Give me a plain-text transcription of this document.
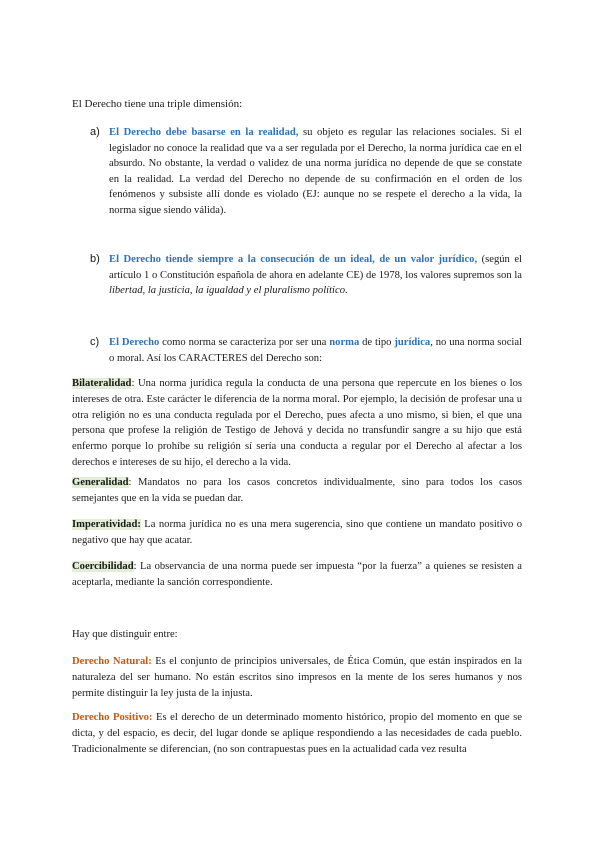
El Derecho tiene una triple dimensión:
a) El Derecho debe basarse en la realidad, su objeto es regular las relaciones sociales. Si el legislador no conoce la realidad que va a ser regulada por el Derecho, la norma jurídica cae en el absurdo. No obstante, la verdad o validez de una norma jurídica no depende de que se constate en la realidad. La verdad del Derecho no depende de su confirmación en el orden de los fenómenos y subsiste allí donde es violado (EJ: aunque no se respete el derecho a la vida, la norma sigue siendo válida).
b) El Derecho tiende siempre a la consecución de un ideal, de un valor jurídico, (según el artículo 1 o Constitución española de ahora en adelante CE) de 1978, los valores supremos son la libertad, la justicia, la igualdad y el pluralismo político.
c) El Derecho como norma se caracteriza por ser una norma de tipo jurídica, no una norma social o moral. Así los CARACTERES del Derecho son:
Bilateralidad: Una norma jurídica regula la conducta de una persona que repercute en los bienes o los intereses de otra. Este carácter le diferencia de la norma moral. Por ejemplo, la decisión de profesar una u otra religión no es una conducta regulada por el Derecho, pues afecta a uno mismo, si bien, el que una persona que profese la religión de Testigo de Jehová y decida no transfundir sangre a su hijo que está enfermo porque lo prohíbe su religión sí sería una conducta a regular por el Derecho al afectar a los derechos e intereses de su hijo, el derecho a la vida.
Generalidad: Mandatos no para los casos concretos individualmente, sino para todos los casos semejantes que en la vida se puedan dar.
Imperatividad: La norma jurídica no es una mera sugerencia, sino que contiene un mandato positivo o negativo que hay que acatar.
Coercibilidad: La observancia de una norma puede ser impuesta “por la fuerza” a quienes se resisten a aceptarla, mediante la sanción correspondiente.
Hay que distinguir entre:
Derecho Natural: Es el conjunto de principios universales, de Ética Común, que están inspirados en la naturaleza del ser humano. No están escritos sino impresos en la mente de los seres humanos y nos permite distinguir la ley justa de la injusta.
Derecho Positivo: Es el derecho de un determinado momento histórico, propio del momento en que se dicta, y del espacio, es decir, del lugar donde se aplique respondiendo a las necesidades de cada pueblo. Tradicionalmente se diferencian, (no son contrapuestas pues en la actualidad cada vez resulta
